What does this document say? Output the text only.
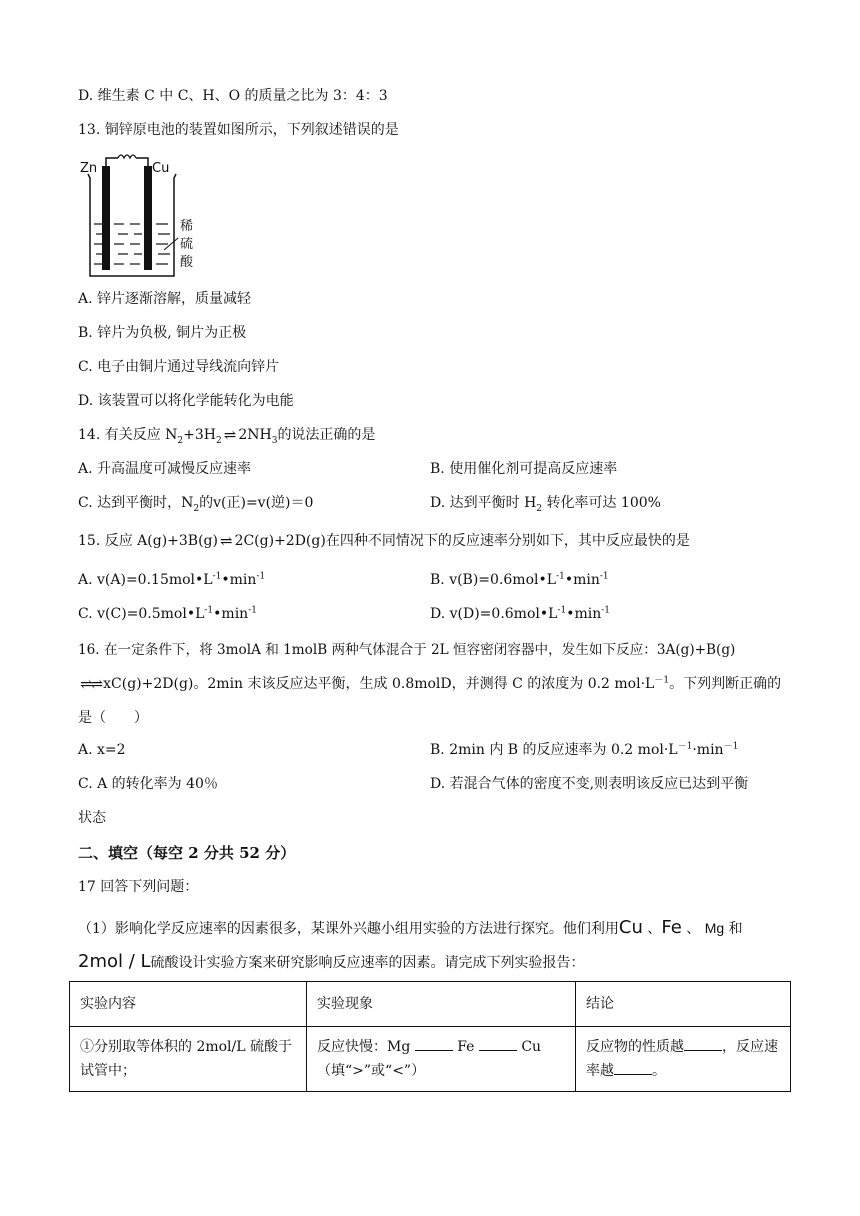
D. 维生素 C 中 C、H、O 的质量之比为 3：4：3
13. 铜锌原电池的装置如图所示，下列叙述错误的是
Zn	Cu
稀
硫
酸
A. 锌片逐渐溶解，质量减轻
B. 锌片为负极, 铜片为正极
C. 电子由铜片通过导线流向锌片
D. 该装置可以将化学能转化为电能
14. 有关反应 $N_2+3H_2$ ⇌ $2NH_3$的说法正确的是
A. 升高温度可减慢反应速率	B. 使用催化剂可提高反应速率
C. 达到平衡时，$N_2$的v(正)=v(逆)＝0	D. 达到平衡时 $H_2$ 转化率可达 100%
15. 反应 A(g)+3B(g) ⇌ 2C(g)+2D(g)在四种不同情况下的反应速率分别如下，其中反应最快的是
A. $v(A)=0.15mol•L^{-1}•\min^{-1}$	B. $v(B)=0.6mol•L^{-1}•\min^{-1}$
C. $v(C)=0.5mol•L^{-1}•\min^{-1}$	D. $v(D)=0.6mol•L^{-1}•\min^{-1}$
16. 在一定条件下，将 3molA 和 1molB 两种气体混合于 2L 恒容密闭容器中，发生如下反应：3A(g)+B(g)
⇌⇌ xC(g)+2D(g)。2min 末该反应达平衡，生成 0.8molD，并测得 C 的浓度为 0.2 $mol\cdot L^{-1}$。下列判断正确的
是（　　）
A. x=2	B. 2min 内 B 的反应速率为 0.2 $mol\cdot L^{-1}\cdot\min^{-1}$
C. A 的转化率为 40％	D. 若混合气体的密度不变,则表明该反应已达到平衡
状态
二、填空（每空 2 分共 52 分）
17 回答下列问题：
（1）影响化学反应速率的因素很多，某课外兴趣小组用实验的方法进行探究。他们利用Cu 、Fe 、 Mg 和
2mol / L硫酸设计实验方案来研究影响反应速率的因素。请完成下列实验报告：
实验内容	实验现象	结论
①分别取等体积的 2mol/L 硫酸于试管中；	反应快慢：Mg Fe Cu（填“>”或“<”）	反应物的性质越 ，反应速率越 。
